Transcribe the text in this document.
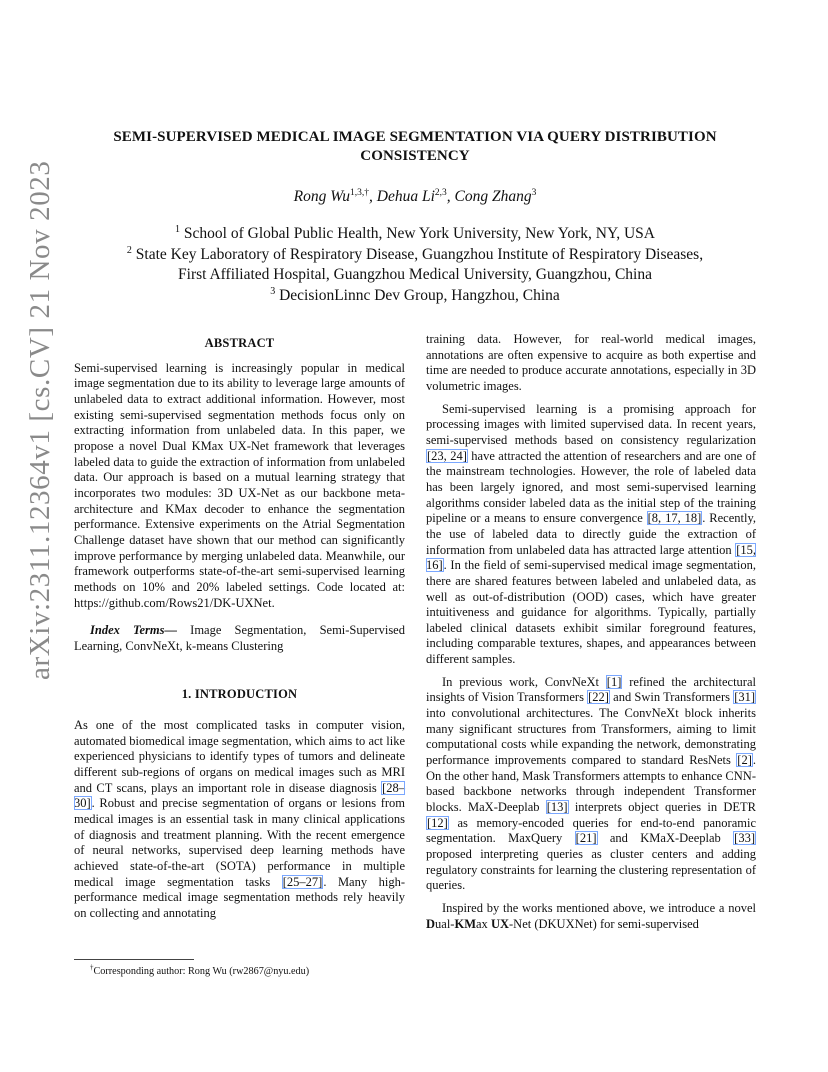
arXiv:2311.12364v1 [cs.CV] 21 Nov 2023
SEMI-SUPERVISED MEDICAL IMAGE SEGMENTATION VIA QUERY DISTRIBUTION
CONSISTENCY
Rong $Wu^{1,3,\dagger}$, Dehua Li$^{2,3}$, Cong Zhang$^3$
$^1$ School of Global Public Health, New York University, New York, NY, USA
$^2$ State Key Laboratory of Respiratory Disease, Guangzhou Institute of Respiratory Diseases,
First Affiliated Hospital, Guangzhou Medical University, Guangzhou, China
$^3$ DecisionLinnc Dev Group, Hangzhou, China
ABSTRACT

Semi-supervised learning is increasingly popular in medical image segmentation due to its ability to leverage large amounts of unlabeled data to extract additional information. However, most existing semi-supervised segmentation methods focus only on extracting information from unlabeled data. In this paper, we propose a novel Dual KMax UX-Net framework that leverages labeled data to guide the extraction of information from unlabeled data. Our approach is based on a mutual learning strategy that incorporates two modules: 3D UX-Net as our backbone meta-architecture and KMax decoder to enhance the segmentation performance. Extensive experiments on the Atrial Segmentation Challenge dataset have shown that our method can significantly improve performance by merging unlabeled data. Meanwhile, our framework outperforms state-of-the-art semi-supervised learning methods on 10% and 20% labeled settings. Code located at: https://github.com/Rows21/DK-UXNet.

Index Terms— Image Segmentation, Semi-Supervised Learning, ConvNeXt, k-means Clustering

1. INTRODUCTION

As one of the most complicated tasks in computer vision, automated biomedical image segmentation, which aims to act like experienced physicians to identify types of tumors and delineate different sub-regions of organs on medical images such as MRI and CT scans, plays an important role in disease diagnosis [28–30]. Robust and precise segmentation of organs or lesions from medical images is an essential task in many clinical applications of diagnosis and treatment planning. With the recent emergence of neural networks, supervised deep learning methods have achieved state-of-the-art (SOTA) performance in multiple medical image segmentation tasks [25–27]. Many high-performance medical image segmentation methods rely heavily on collecting and annotating

†Corresponding author: Rong Wu (rw2867@nyu.edu)

training data. However, for real-world medical images, annotations are often expensive to acquire as both expertise and time are needed to produce accurate annotations, especially in 3D volumetric images.

Semi-supervised learning is a promising approach for processing images with limited supervised data. In recent years, semi-supervised methods based on consistency regularization [23, 24] have attracted the attention of researchers and are one of the mainstream technologies. However, the role of labeled data has been largely ignored, and most semi-supervised learning algorithms consider labeled data as the initial step of the training pipeline or a means to ensure convergence [8, 17, 18]. Recently, the use of labeled data to directly guide the extraction of information from unlabeled data has attracted large attention [15, 16]. In the field of semi-supervised medical image segmentation, there are shared features between labeled and unlabeled data, as well as out-of-distribution (OOD) cases, which have greater intuitiveness and guidance for algorithms. Typically, partially labeled clinical datasets exhibit similar foreground features, including comparable textures, shapes, and appearances between different samples.

In previous work, ConvNeXt [1] refined the architectural insights of Vision Transformers [22] and Swin Transformers [31] into convolutional architectures. The ConvNeXt block inherits many significant structures from Transformers, aiming to limit computational costs while expanding the network, demonstrating performance improvements compared to standard ResNets [2]. On the other hand, Mask Transformers attempts to enhance CNN-based backbone networks through independent Transformer blocks. MaX-Deeplab [13] interprets object queries in DETR [12] as memory-encoded queries for end-to-end panoramic segmentation. MaxQuery [21] and KMaX-Deeplab [33] proposed interpreting queries as cluster centers and adding regulatory constraints for learning the clustering representation of queries.

Inspired by the works mentioned above, we introduce a novel Dual-KMax UX-Net (DKUXNet) for semi-supervised
